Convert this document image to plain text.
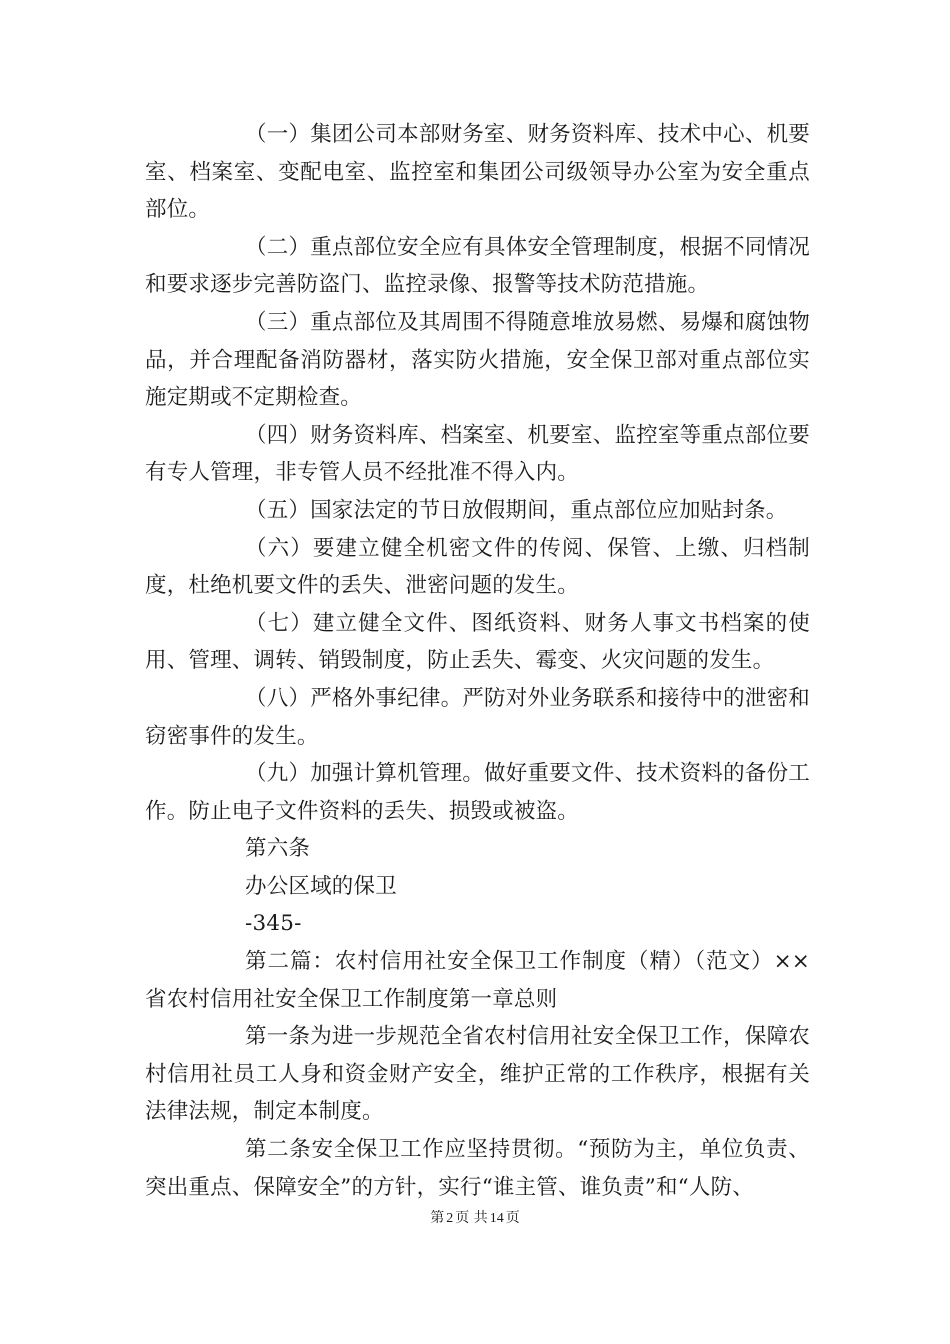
（一）集团公司本部财务室、财务资料库、技术中心、机要室、档案室、变配电室、监控室和集团公司级领导办公室为安全重点部位。

（二）重点部位安全应有具体安全管理制度，根据不同情况和要求逐步完善防盗门、监控录像、报警等技术防范措施。

（三）重点部位及其周围不得随意堆放易燃、易爆和腐蚀物品，并合理配备消防器材，落实防火措施，安全保卫部对重点部位实施定期或不定期检查。

（四）财务资料库、档案室、机要室、监控室等重点部位要有专人管理，非专管人员不经批准不得入内。

（五）国家法定的节日放假期间，重点部位应加贴封条。

（六）要建立健全机密文件的传阅、保管、上缴、归档制度，杜绝机要文件的丢失、泄密问题的发生。

（七）建立健全文件、图纸资料、财务人事文书档案的使用、管理、调转、销毁制度，防止丢失、霉变、火灾问题的发生。

（八）严格外事纪律。严防对外业务联系和接待中的泄密和窃密事件的发生。

（九）加强计算机管理。做好重要文件、技术资料的备份工作。防止电子文件资料的丢失、损毁或被盗。

第六条

办公区域的保卫

-345-

第二篇：农村信用社安全保卫工作制度（精）（范文）××省农村信用社安全保卫工作制度第一章总则

第一条为进一步规范全省农村信用社安全保卫工作，保障农村信用社员工人身和资金财产安全，维护正常的工作秩序，根据有关法律法规，制定本制度。

第二条安全保卫工作应坚持贯彻。“预防为主，单位负责、突出重点、保障安全”的方针，实行“谁主管、谁负责”和“人防、

第 2 页 共 14 页
